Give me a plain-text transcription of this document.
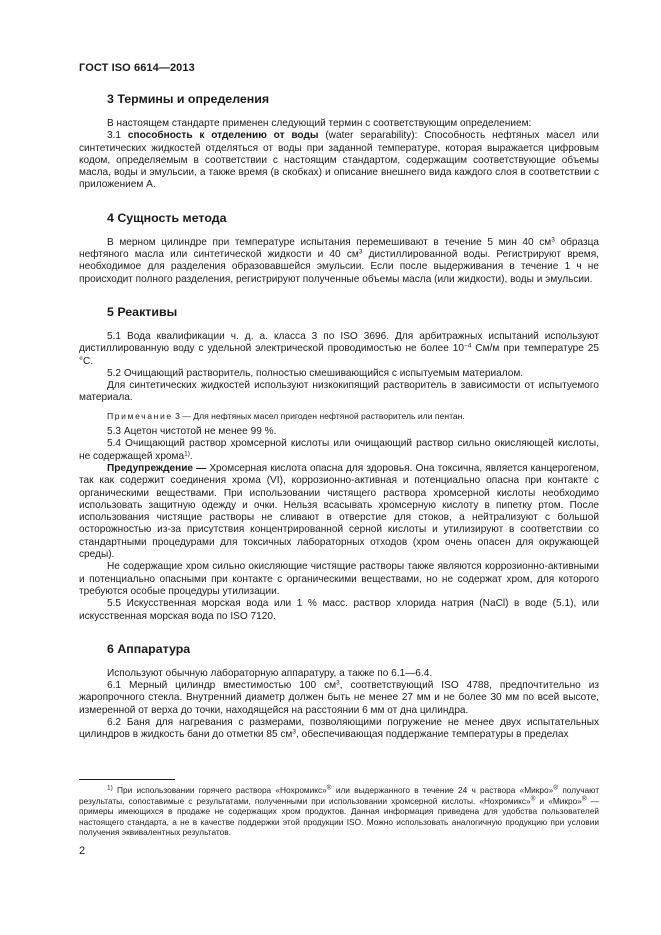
ГОСТ ISO 6614—2013
3 Термины и определения

В настоящем стандарте применен следующий термин с соответствующим определением:

3.1 способность к отделению от воды (water separability): Способность нефтяных масел или синтетических жидкостей отделяться от воды при заданной температуре, которая выражается цифровым кодом, определяемым в соответствии с настоящим стандартом, содержащим соответствующие объемы масла, воды и эмульсии, а также время (в скобках) и описание внешнего вида каждого слоя в соответствии с приложением А.

4 Сущность метода

В мерном цилиндре при температуре испытания перемешивают в течение 5 мин 40 $см^3$ образца нефтяного масла или синтетической жидкости и 40 $см^3$ дистиллированной воды. Регистрируют время, необходимое для разделения образовавшейся эмульсии. Если после выдерживания в течение 1 ч не происходит полного разделения, регистрируют полученные объемы масла (или жидкости), воды и эмульсии.

5 Реактивы

5.1 Вода квалификации ч. д. а. класса 3 по ISO 3696. Для арбитражных испытаний используют дистиллированную воду с удельной электрической проводимостью не более $10^{-4}$ См/м при температуре 25 °С.

5.2 Очищающий растворитель, полностью смешивающийся с испытуемым материалом.

Для синтетических жидкостей используют низкокипящий растворитель в зависимости от испытуемого материала.

Примечание 3 — Для нефтяных масел пригоден нефтяной растворитель или пентан.

5.3 Ацетон чистотой не менее 99 %.

5.4 Очищающий раствор хромсерной кислоты или очищающий раствор сильно окисляющей кислоты, не содержащей хрома$^{1)}$.

Предупреждение — Хромсерная кислота опасна для здоровья. Она токсична, является канцерогеном, так как содержит соединения хрома (VI), коррозионно-активная и потенциально опасна при контакте с органическими веществами. При использовании чистящего раствора хромсерной кислоты необходимо использовать защитную одежду и очки. Нельзя всасывать хромсерную кислоту в пипетку ртом. После использования чистящие растворы не сливают в отверстие для стоков, а нейтрализуют с большой осторожностью из-за присутствия концентрированной серной кислоты и утилизируют в соответствии со стандартными процедурами для токсичных лабораторных отходов (хром очень опасен для окружающей среды).

Не содержащие хром сильно окисляющие чистящие растворы также являются коррозионно-активными и потенциально опасными при контакте с органическими веществами, но не содержат хром, для которого требуются особые процедуры утилизации.

5.5 Искусственная морская вода или 1 % масс. раствор хлорида натрия (NaCl) в воде (5.1), или искусственная морская вода по ISO 7120.

6 Аппаратура

Используют обычную лабораторную аппаратуру, а также по 6.1—6.4.

6.1 Мерный цилиндр вместимостью 100 $см^3$, соответствующий ISO 4788, предпочтительно из жаропрочного стекла. Внутренний диаметр должен быть не менее 27 мм и не более 30 мм по всей высоте, измеренной от верха до точки, находящейся на расстоянии 6 мм от дна цилиндра.

6.2 Баня для нагревания с размерами, позволяющими погружение не менее двух испытательных цилиндров в жидкость бани до отметки 85 $см^3$, обеспечивающая поддержание температуры в пределах

$^{1)}$ При использовании горячего раствора «Нохромикс»® или выдержанного в течение 24 ч раствора «Микро»® получают результаты, сопоставимые с результатами, полученными при использовании хромсерной кислоты. «Нохромикс»® и «Микро»® — примеры имеющихся в продаже не содержащих хром продуктов. Данная информация приведена для удобства пользователей настоящего стандарта, а не в качестве поддержки этой продукции ISO. Можно использовать аналогичную продукцию при условии получения эквивалентных результатов.

2
